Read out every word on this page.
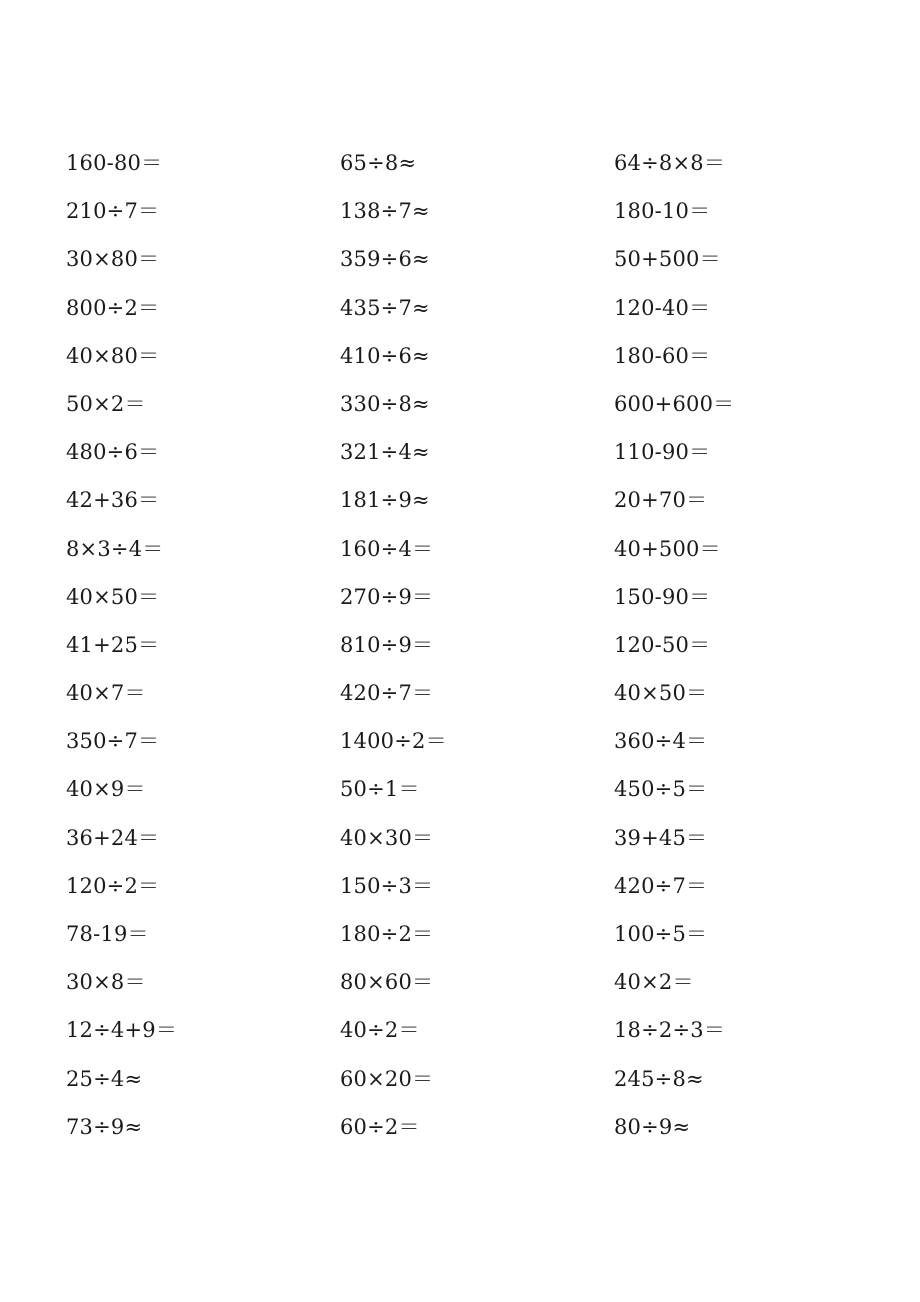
160-80＝
210÷7＝
30×80＝
800÷2＝
40×80＝
50×2＝
480÷6＝
42+36＝
8×3÷4＝
40×50＝
41+25＝
40×7＝
350÷7＝
40×9＝
36+24＝
120÷2＝
78-19＝
30×8＝
12÷4+9＝
25÷4≈
73÷9≈
65÷8≈
138÷7≈
359÷6≈
435÷7≈
410÷6≈
330÷8≈
321÷4≈
181÷9≈
160÷4＝
270÷9＝
810÷9＝
420÷7＝
1400÷2＝
50÷1＝
40×30＝
150÷3＝
180÷2＝
80×60＝
40÷2＝
60×20＝
60÷2＝
64÷8×8＝
180-10＝
50+500＝
120-40＝
180-60＝
600+600＝
110-90＝
20+70＝
40+500＝
150-90＝
120-50＝
40×50＝
360÷4＝
450÷5＝
39+45＝
420÷7＝
100÷5＝
40×2＝
18÷2÷3＝
245÷8≈
80÷9≈
